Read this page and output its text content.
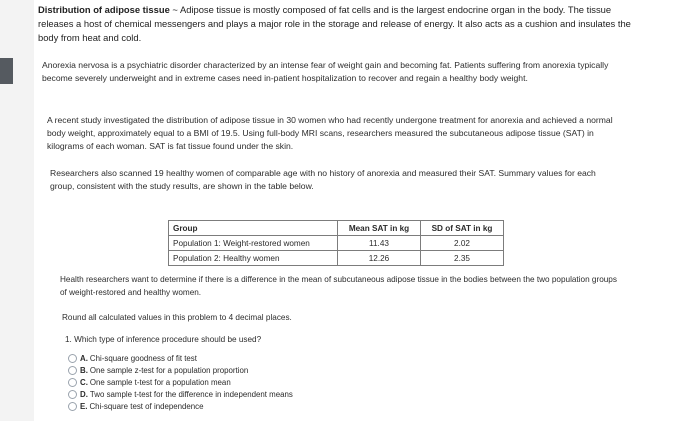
Distribution of adipose tissue ~ Adipose tissue is mostly composed of fat cells and is the largest endocrine organ in the body. The tissue releases a host of chemical messengers and plays a major role in the storage and release of energy. It also acts as a cushion and insulates the body from heat and cold.
Anorexia nervosa is a psychiatric disorder characterized by an intense fear of weight gain and becoming fat. Patients suffering from anorexia typically become severely underweight and in extreme cases need in-patient hospitalization to recover and regain a healthy body weight.
A recent study investigated the distribution of adipose tissue in 30 women who had recently undergone treatment for anorexia and achieved a normal body weight, approximately equal to a BMI of 19.5. Using full-body MRI scans, researchers measured the subcutaneous adipose tissue (SAT) in kilograms of each woman. SAT is fat tissue found under the skin.
Researchers also scanned 19 healthy women of comparable age with no history of anorexia and measured their SAT. Summary values for each group, consistent with the study results, are shown in the table below.
Group	Mean SAT in kg	SD of SAT in kg
Population 1: Weight-restored women	11.43	2.02
Population 2: Healthy women	12.26	2.35
Health researchers want to determine if there is a difference in the mean of subcutaneous adipose tissue in the bodies between the two population groups of weight-restored and healthy women.
Round all calculated values in this problem to 4 decimal places.
1. Which type of inference procedure should be used?
A. Chi-square goodness of fit test
B. One sample z-test for a population proportion
C. One sample t-test for a population mean
D. Two sample t-test for the difference in independent means
E. Chi-square test of independence
